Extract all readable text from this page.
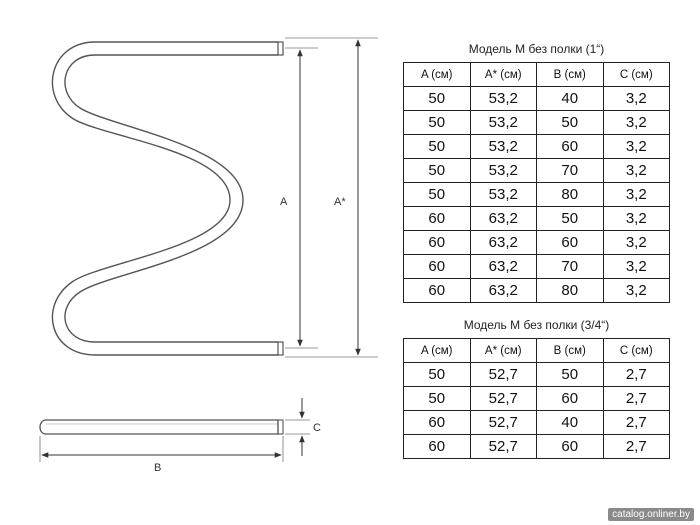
A	A*
C
B
Модель М без полки (1“)
A (см)	A* (см)	B (см)	C (см)
50	53,2	40	3,2
50	53,2	50	3,2
50	53,2	60	3,2
50	53,2	70	3,2
50	53,2	80	3,2
60	63,2	50	3,2
60	63,2	60	3,2
60	63,2	70	3,2
60	63,2	80	3,2
Модель М без полки (3/4“)
A (см)	A* (см)	B (см)	C (см)
50	52,7	50	2,7
50	52,7	60	2,7
60	52,7	40	2,7
60	52,7	60	2,7
catalog.onliner.by
